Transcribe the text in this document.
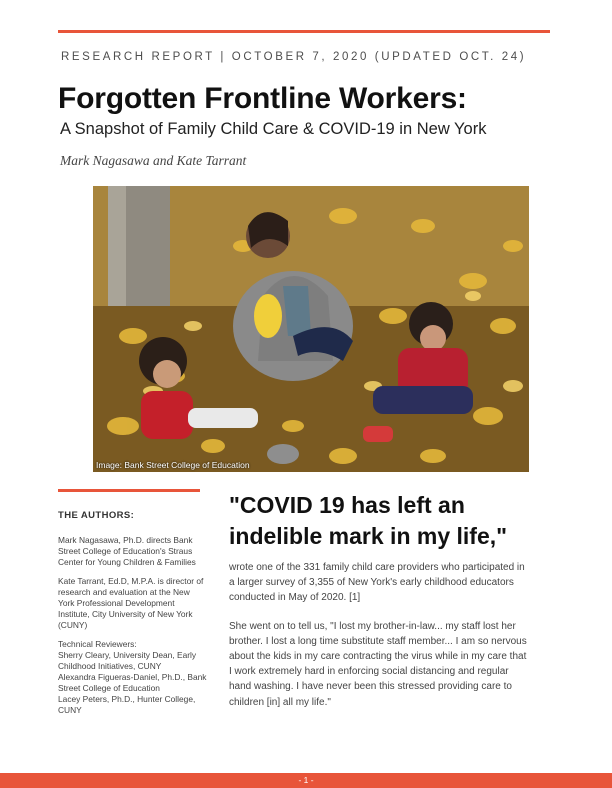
RESEARCH REPORT | OCTOBER 7, 2020 (UPDATED OCT. 24)
Forgotten Frontline Workers:
A Snapshot of Family Child Care & COVID-19 in New York
Mark Nagasawa and Kate Tarrant
Image: Bank Street College of Education
THE AUTHORS:

Mark Nagasawa, Ph.D. directs Bank Street College of Education's Straus Center for Young Children & Families

Kate Tarrant, Ed.D, M.P.A. is director of research and evaluation at the New York Professional Development Institute, City University of New York (CUNY)

Technical Reviewers:
Sherry Cleary, University Dean, Early Childhood Initiatives, CUNY
Alexandra Figueras-Daniel, Ph.D., Bank Street College of Education
Lacey Peters, Ph.D., Hunter College, CUNY
"COVID 19 has left an indelible mark in my life,"

wrote one of the 331 family child care providers who participated in a larger survey of 3,355 of New York's early childhood educators conducted in May of 2020. [1]

She went on to tell us, "I lost my brother-in-law... my staff lost her brother. I lost a long time substitute staff member... I am so nervous about the kids in my care contracting the virus while in my care that I work extremely hard in enforcing social distancing and regular hand washing. I have never been this stressed providing care to children [in] all my life."

- 1 -
